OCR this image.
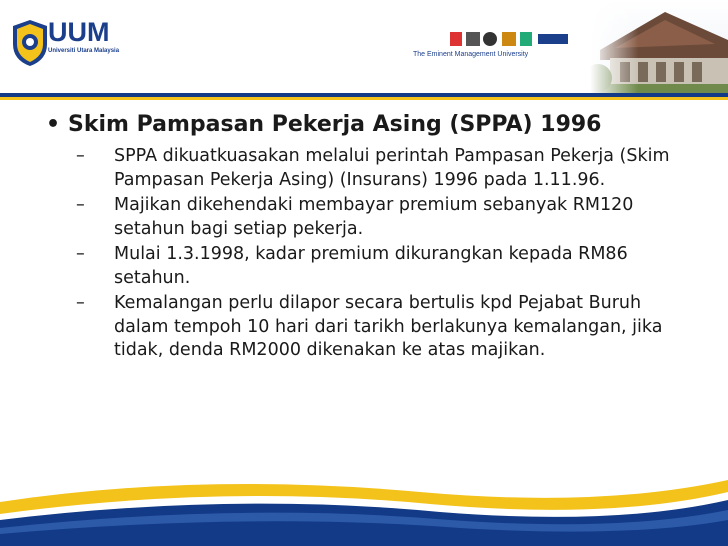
UUM
Universiti Utara Malaysia	The Eminent Management University
• Skim Pampasan Pekerja Asing (SPPA) 1996
– SPPA dikuatkuasakan melalui perintah Pampasan Pekerja (Skim Pampasan Pekerja Asing) (Insurans) 1996 pada 1.11.96.
– Majikan dikehendaki membayar premium sebanyak RM120 setahun bagi setiap pekerja.
– Mulai 1.3.1998, kadar premium dikurangkan kepada RM86 setahun.
– Kemalangan perlu dilapor secara bertulis kpd Pejabat Buruh dalam tempoh 10 hari dari tarikh berlakunya kemalangan, jika tidak, denda RM2000 dikenakan ke atas majikan.
